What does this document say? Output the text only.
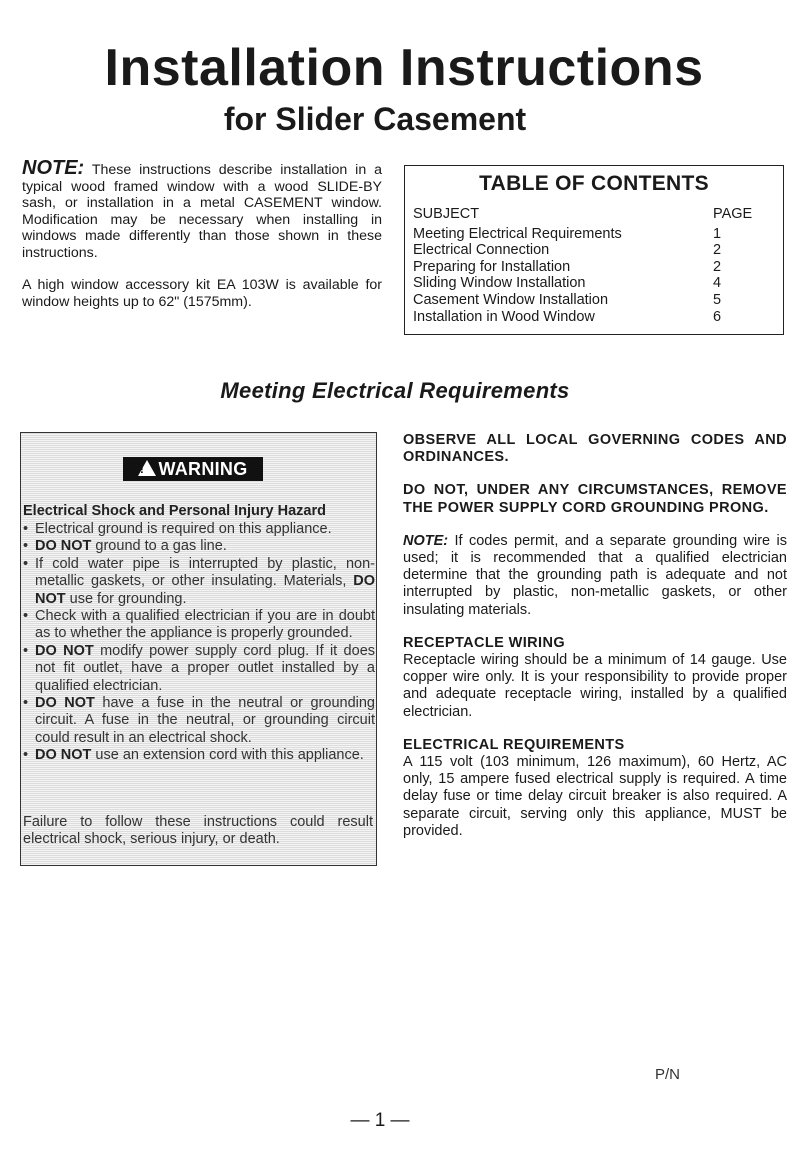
Installation Instructions
for Slider Casement

NOTE: These instructions describe installation in a typical wood framed window with a wood SLIDE-BY sash, or installation in a metal CASEMENT window. Modification may be necessary when installing in windows made differently than those shown in these instructions.

A high window accessory kit EA 103W is available for window heights up to 62" (1575mm).

TABLE OF CONTENTS
SUBJECT	PAGE
Meeting Electrical Requirements	1
Electrical Connection	2
Preparing for Installation	2
Sliding Window Installation	4
Casement Window Installation	5
Installation in Wood Window	6
Meeting Electrical Requirements
! WARNING
Electrical Shock and Personal Injury Hazard
• Electrical ground is required on this appliance.
• DO NOT ground to a gas line.
• If cold water pipe is interrupted by plastic, non-metallic gaskets, or other insulating. Materials, DO NOT use for grounding.
• Check with a qualified electrician if you are in doubt as to whether the appliance is properly grounded.
• DO NOT modify power supply cord plug. If it does not fit outlet, have a proper outlet installed by a qualified electrician.
• DO NOT have a fuse in the neutral or grounding circuit. A fuse in the neutral, or grounding circuit could result in an electrical shock.
• DO NOT use an extension cord with this appliance.
Failure to follow these instructions could result electrical shock, serious injury, or death.

OBSERVE ALL LOCAL GOVERNING CODES AND ORDINANCES.

DO NOT, UNDER ANY CIRCUMSTANCES, REMOVE THE POWER SUPPLY CORD GROUNDING PRONG.

NOTE: If codes permit, and a separate grounding wire is used; it is recommended that a qualified electrician determine that the grounding path is adequate and not interrupted by plastic, non-metallic gaskets, or other insulating materials.

RECEPTACLE WIRING

Receptacle wiring should be a minimum of 14 gauge. Use copper wire only. It is your responsibility to provide proper and adequate receptacle wiring, installed by a qualified electrician.

ELECTRICAL REQUIREMENTS

A 115 volt (103 minimum, 126 maximum), 60 Hertz, AC only, 15 ampere fused electrical supply is required. A time delay fuse or time delay circuit breaker is also required. A separate circuit, serving only this appliance, MUST be provided.

P/N
— 1 —
